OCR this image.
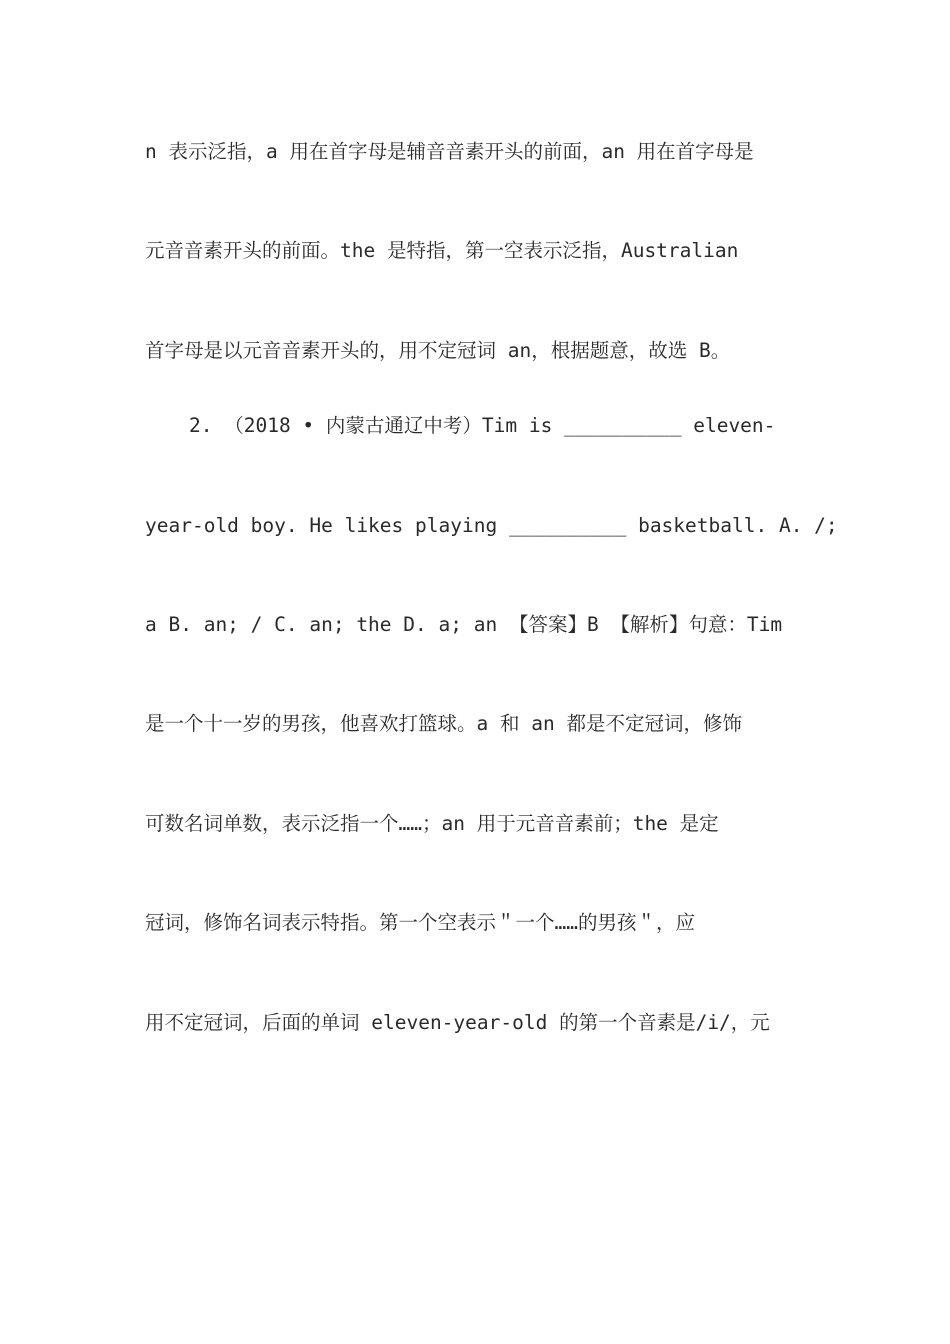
n 表示泛指，a 用在首字母是辅音音素开头的前面，an 用在首字母是
元音音素开头的前面。the 是特指，第一空表示泛指，Australian
首字母是以元音音素开头的，用不定冠词 an，根据题意，故选 B。
2. （2018 • 内蒙古通辽中考）Tim is __________ eleven-
year-old boy. He likes playing __________ basketball. A. /;
a B. an; / C. an; the D. a; an 【答案】B 【解析】句意：Tim
是一个十一岁的男孩，他喜欢打篮球。a 和 an 都是不定冠词，修饰
可数名词单数，表示泛指一个……；an 用于元音音素前；the 是定
冠词，修饰名词表示特指。第一个空表示＂一个……的男孩＂，应
用不定冠词，后面的单词 eleven-year-old 的第一个音素是/i/，元
